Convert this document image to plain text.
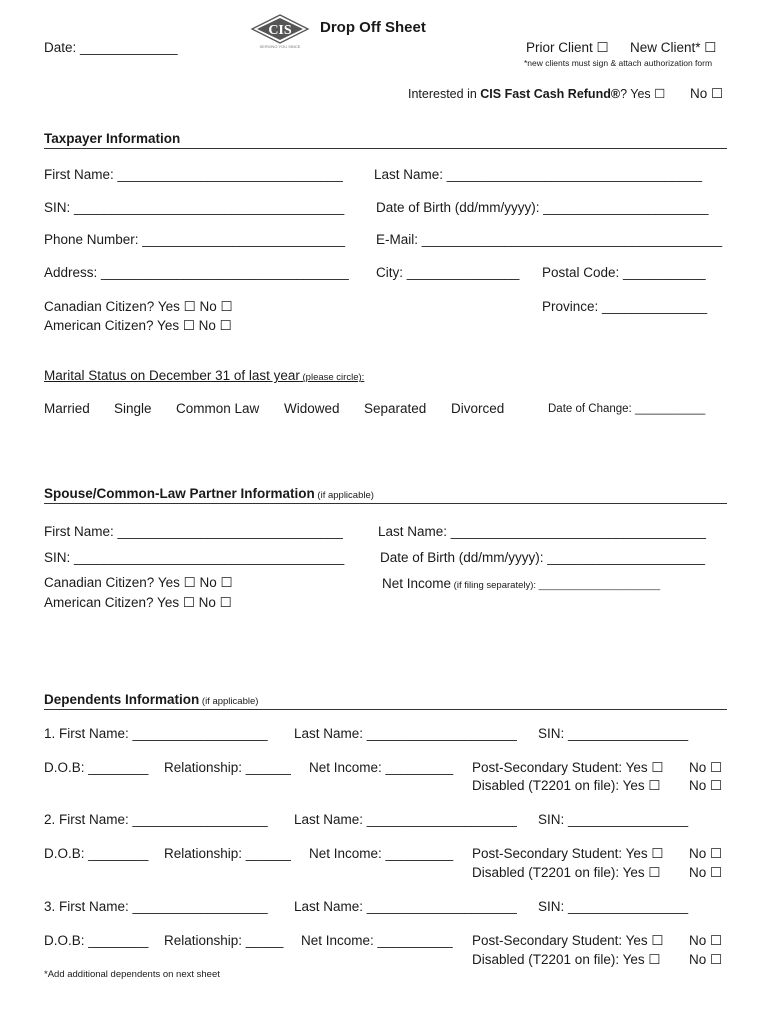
CIS
SERVING YOU SINCE
Drop Off Sheet
Date: _____________	Prior Client ☐ New Client* ☐
*new clients must sign & attach authorization form
Interested in CIS Fast Cash Refund®? Yes ☐ No ☐
Taxpayer Information
First Name: ______________________________ Last Name: __________________________________
SIN: ____________________________________ Date of Birth (dd/mm/yyyy): ______________________
Phone Number: ___________________________ E-Mail: ________________________________________
Address: _________________________________ City: _______________ Postal Code: ___________
Canadian Citizen? Yes ☐ No ☐	Province: ______________
American Citizen? Yes ☐ No ☐
Marital Status on December 31 of last year (please circle):
Married Single Common Law Widowed Separated Divorced	Date of Change: ___________
Spouse/Common-Law Partner Information (if applicable)
First Name: ______________________________	Last Name: __________________________________
SIN: ____________________________________	Date of Birth (dd/mm/yyyy): _____________________
Canadian Citizen? Yes ☐ No ☐	Net Income (if filing separately): _______________________
American Citizen? Yes ☐ No ☐
Dependents Information (if applicable)
1. First Name: __________________ Last Name: ____________________ SIN: ________________
D.O.B: ________ Relationship: ______ Net Income: _________ Post-Secondary Student: Yes ☐ No ☐
Disabled (T2201 on file): Yes ☐ No ☐
2. First Name: __________________ Last Name: ____________________ SIN: ________________
D.O.B: ________ Relationship: ______ Net Income: _________ Post-Secondary Student: Yes ☐ No ☐
Disabled (T2201 on file): Yes ☐ No ☐
3. First Name: __________________ Last Name: ____________________ SIN: ________________
D.O.B: ________ Relationship: _____ Net Income: __________ Post-Secondary Student: Yes ☐ No ☐
Disabled (T2201 on file): Yes ☐ No ☐
*Add additional dependents on next sheet
